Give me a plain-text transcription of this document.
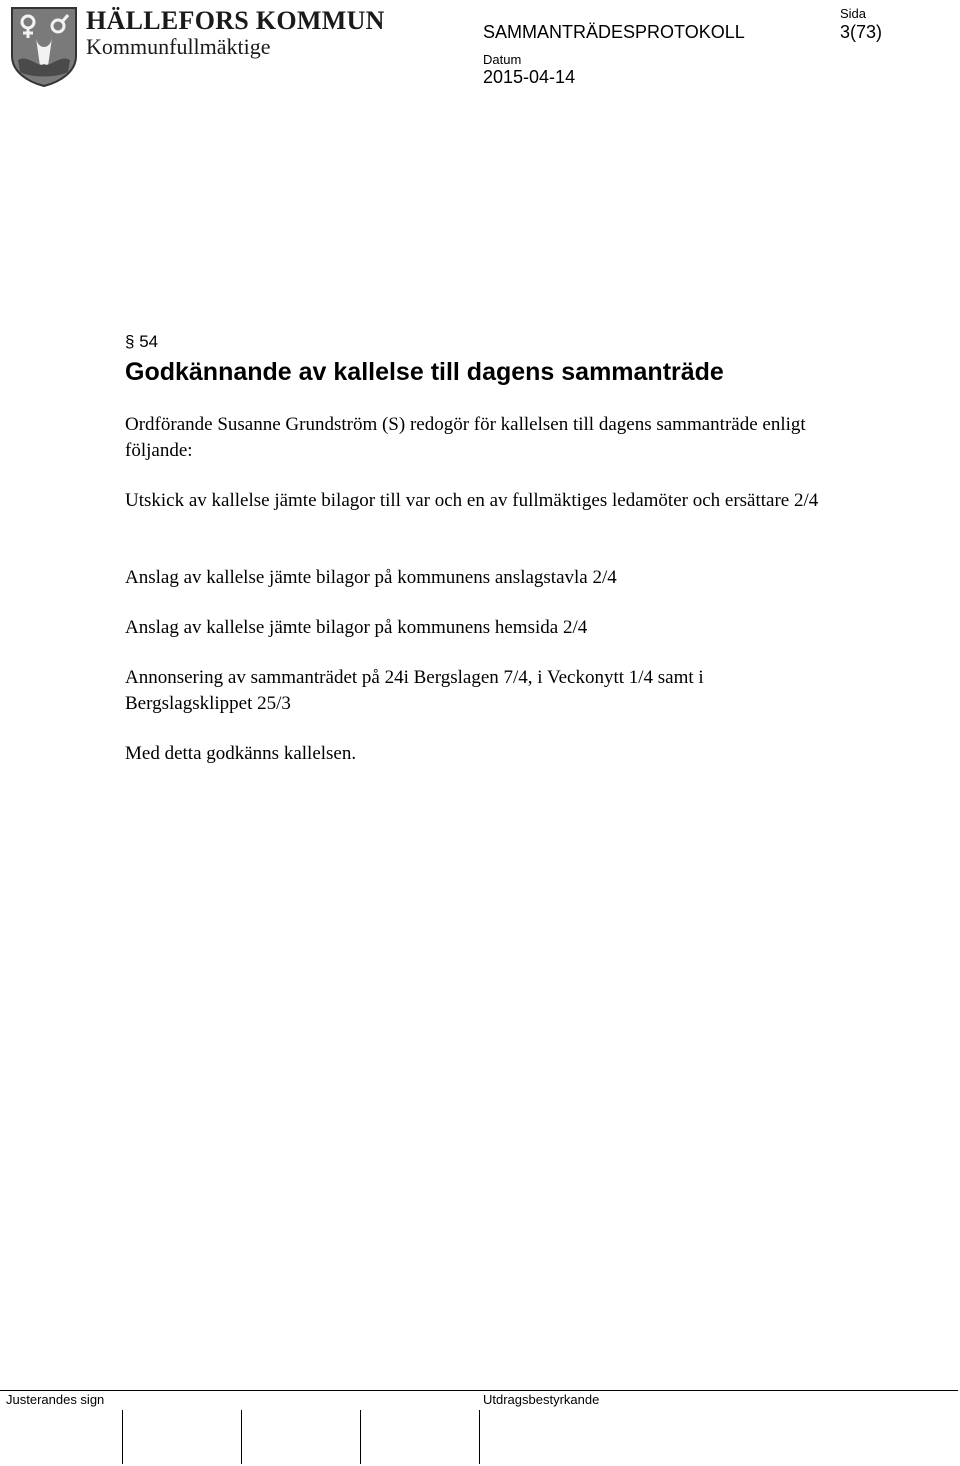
HÄLLEFORS KOMMUN
Kommunfullmäktige
SAMMANTRÄDESPROTOKOLL
Sida
3(73)
Datum
2015-04-14
§ 54
Godkännande av kallelse till dagens sammanträde

Ordförande Susanne Grundström (S) redogör för kallelsen till dagens sammanträde enligt följande:

Utskick av kallelse jämte bilagor till var och en av fullmäktiges ledamöter och ersättare 2/4

Anslag av kallelse jämte bilagor på kommunens anslagstavla 2/4

Anslag av kallelse jämte bilagor på kommunens hemsida 2/4

Annonsering av sammanträdet på 24i Bergslagen 7/4, i Veckonytt 1/4 samt i Bergslagsklippet 25/3

Med detta godkänns kallelsen.

Justerandes sign	Utdragsbestyrkande
